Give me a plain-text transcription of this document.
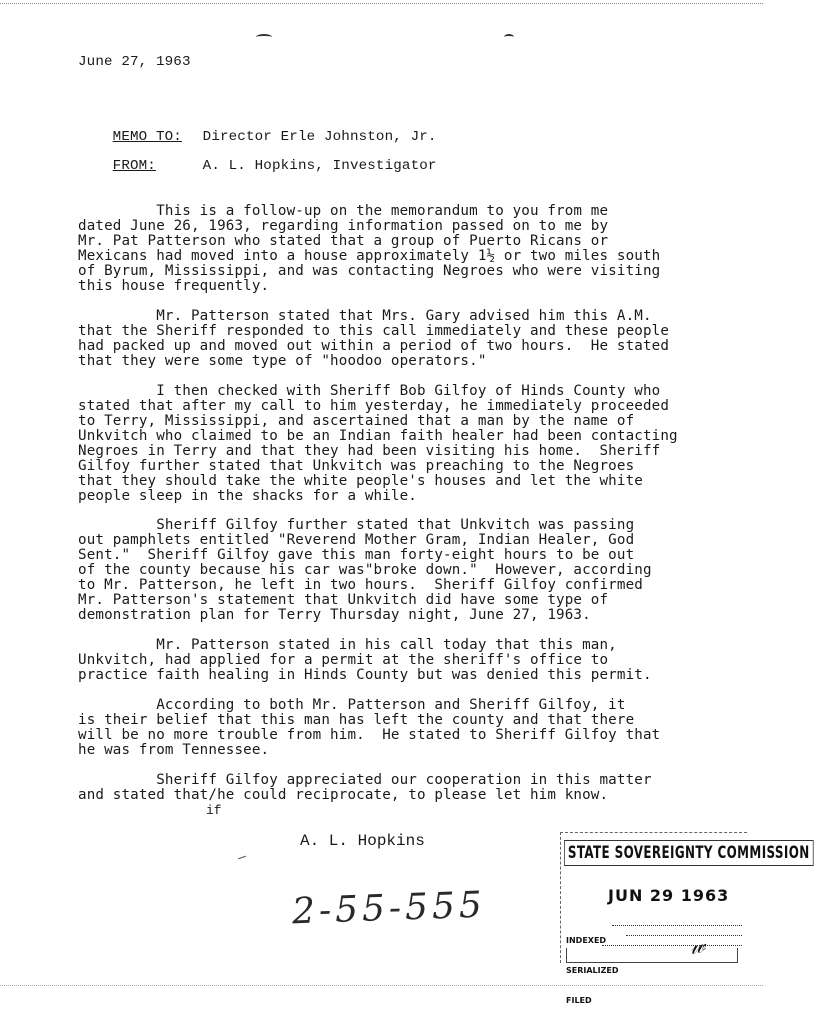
June 27, 1963

MEMO TO: Director Erle Johnston, Jr.

FROM:	A. L. Hopkins, Investigator

This is a follow-up on the memorandum to you from me
dated June 26, 1963, regarding information passed on to me by
Mr. Pat Patterson who stated that a group of Puerto Ricans or
Mexicans had moved into a house approximately 1½ or two miles south
of Byrum, Mississippi, and was contacting Negroes who were visiting
this house frequently.
Mr. Patterson stated that Mrs. Gary advised him this A.M.
that the Sheriff responded to this call immediately and these people
had packed up and moved out within a period of two hours.  He stated
that they were some type of "hoodoo operators."
I then checked with Sheriff Bob Gilfoy of Hinds County who
stated that after my call to him yesterday, he immediately proceeded
to Terry, Mississippi, and ascertained that a man by the name of
Unkvitch who claimed to be an Indian faith healer had been contacting
Negroes in Terry and that they had been visiting his home.  Sheriff
Gilfoy further stated that Unkvitch was preaching to the Negroes
that they should take the white people's houses and let the white
people sleep in the shacks for a while.
Sheriff Gilfoy further stated that Unkvitch was passing
out pamphlets entitled "Reverend Mother Gram, Indian Healer, God
Sent."  Sheriff Gilfoy gave this man forty-eight hours to be out
of the county because his car was"broke down."  However, according
to Mr. Patterson, he left in two hours.  Sheriff Gilfoy confirmed
Mr. Patterson's statement that Unkvitch did have some type of
demonstration plan for Terry Thursday night, June 27, 1963.
Mr. Patterson stated in his call today that this man,
Unkvitch, had applied for a permit at the sheriff's office to
practice faith healing in Hinds County but was denied this permit.
According to both Mr. Patterson and Sheriff Gilfoy, it
is their belief that this man has left the county and that there
will be no more trouble from him.  He stated to Sheriff Gilfoy that
he was from Tennessee.
Sheriff Gilfoy appreciated our cooperation in this matter
and stated that/he could reciprocate, to please let him know.
if
A. L. Hopkins
2-55-555
STATE SOVEREIGNTY COMMISSION
JUN 29 1963

INDEXED

SERIALIZED

FILED

𝓌
